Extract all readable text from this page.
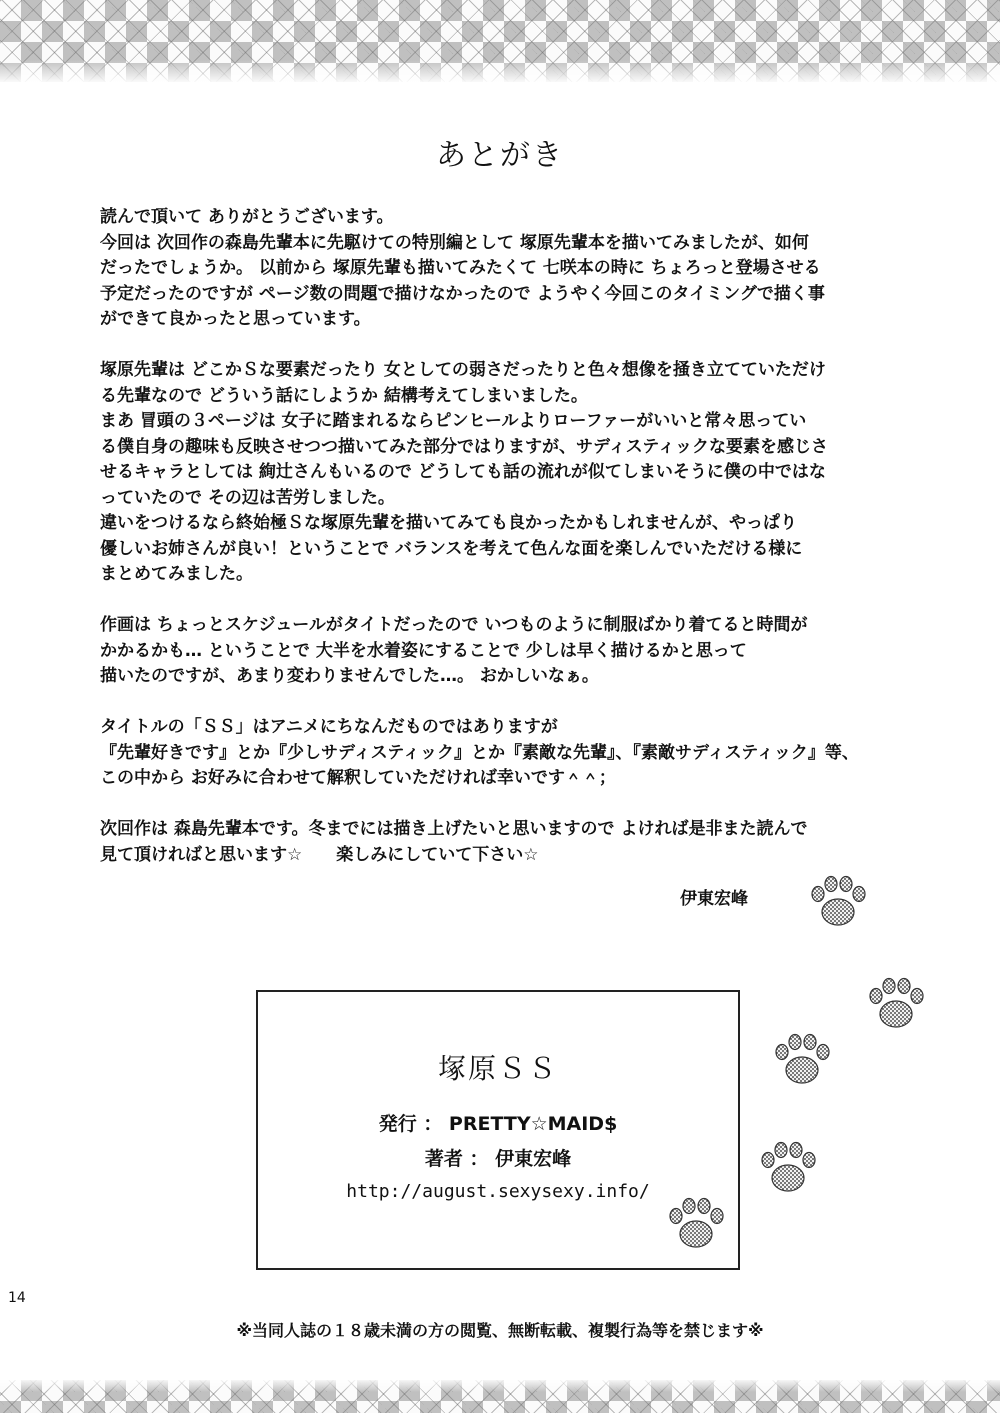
あとがき

読んで頂いて ありがとうございます。
今回は 次回作の森島先輩本に先駆けての特別編として 塚原先輩本を描いてみましたが、如何
だったでしょうか。 以前から 塚原先輩も描いてみたくて 七咲本の時に ちょろっと登場させる
予定だったのですが ページ数の問題で描けなかったので ようやく今回このタイミングで描く事
ができて良かったと思っています。

塚原先輩は どこかＳな要素だったり 女としての弱さだったりと色々想像を掻き立てていただけ
る先輩なので どういう話にしようか 結構考えてしまいました。
まあ 冒頭の３ページは 女子に踏まれるならピンヒールよりローファーがいいと常々思ってい
る僕自身の趣味も反映させつつ描いてみた部分ではりますが、サディスティックな要素を感じさ
せるキャラとしては 絢辻さんもいるので どうしても話の流れが似てしまいそうに僕の中ではな
っていたので その辺は苦労しました。
違いをつけるなら終始極Ｓな塚原先輩を描いてみても良かったかもしれませんが、やっぱり
優しいお姉さんが良い！ということで バランスを考えて色んな面を楽しんでいただける様に
まとめてみました。

作画は ちょっとスケジュールがタイトだったので いつものように制服ばかり着てると時間が
かかるかも… ということで 大半を水着姿にすることで 少しは早く描けるかと思って
描いたのですが、あまり変わりませんでした…。 おかしいなぁ。

タイトルの「ＳＳ」はアニメにちなんだものではありますが
『先輩好きです』とか『少しサディスティック』とか『素敵な先輩』、『素敵サディスティック』等、
この中から お好みに合わせて解釈していただければ幸いです＾＾；

次回作は 森島先輩本です。冬までには描き上げたいと思いますので よければ是非また読んで
見て頂ければと思います☆　　楽しみにしていて下さい☆

伊東宏峰
塚原ＳＳ
発行 ： PRETTY☆MAID$
著者 ： 伊東宏峰
http://august.sexysexy.info/
14
※当同人誌の１８歳未満の方の閲覧、無断転載、複製行為等を禁じます※
